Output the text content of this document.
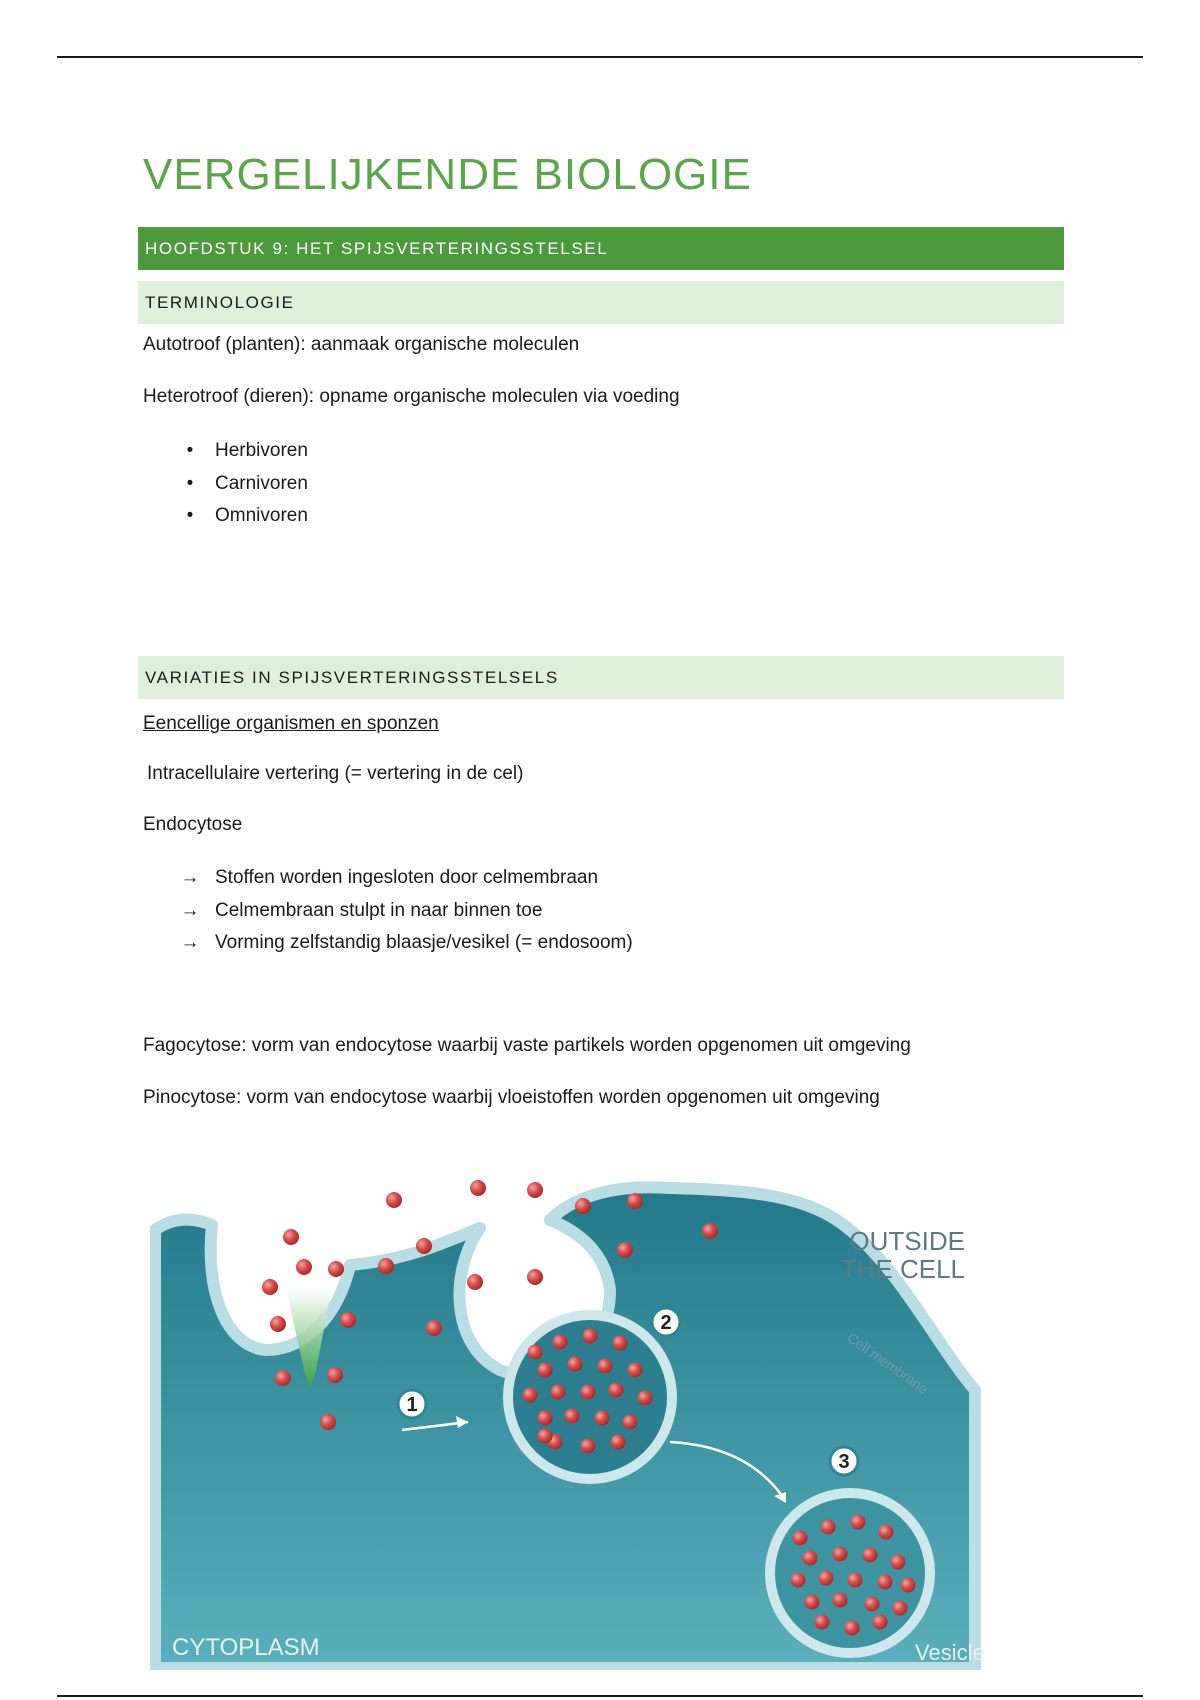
VERGELIJKENDE BIOLOGIE
HOOFDSTUK 9: HET SPIJSVERTERINGSSTELSEL
TERMINOLOGIE

Autotroof (planten): aanmaak organische moleculen

Heterotroof (dieren): opname organische moleculen via voeding

•	Herbivoren
•	Carnivoren
•	Omnivoren
VARIATIES IN SPIJSVERTERINGSSTELSELS

Eencellige organismen en sponzen

Intracellulaire vertering (= vertering in de cel)

Endocytose

→ Stoffen worden ingesloten door celmembraan
→ Celmembraan stulpt in naar binnen toe
→ Vorming zelfstandig blaasje/vesikel (= endosoom)

Fagocytose: vorm van endocytose waarbij vaste partikels worden opgenomen uit omgeving

Pinocytose: vorm van endocytose waarbij vloeistoffen worden opgenomen uit omgeving

1
2
3
OUTSIDE
THE CELL
Cell membrane
CYTOPLASM	Vesicle
